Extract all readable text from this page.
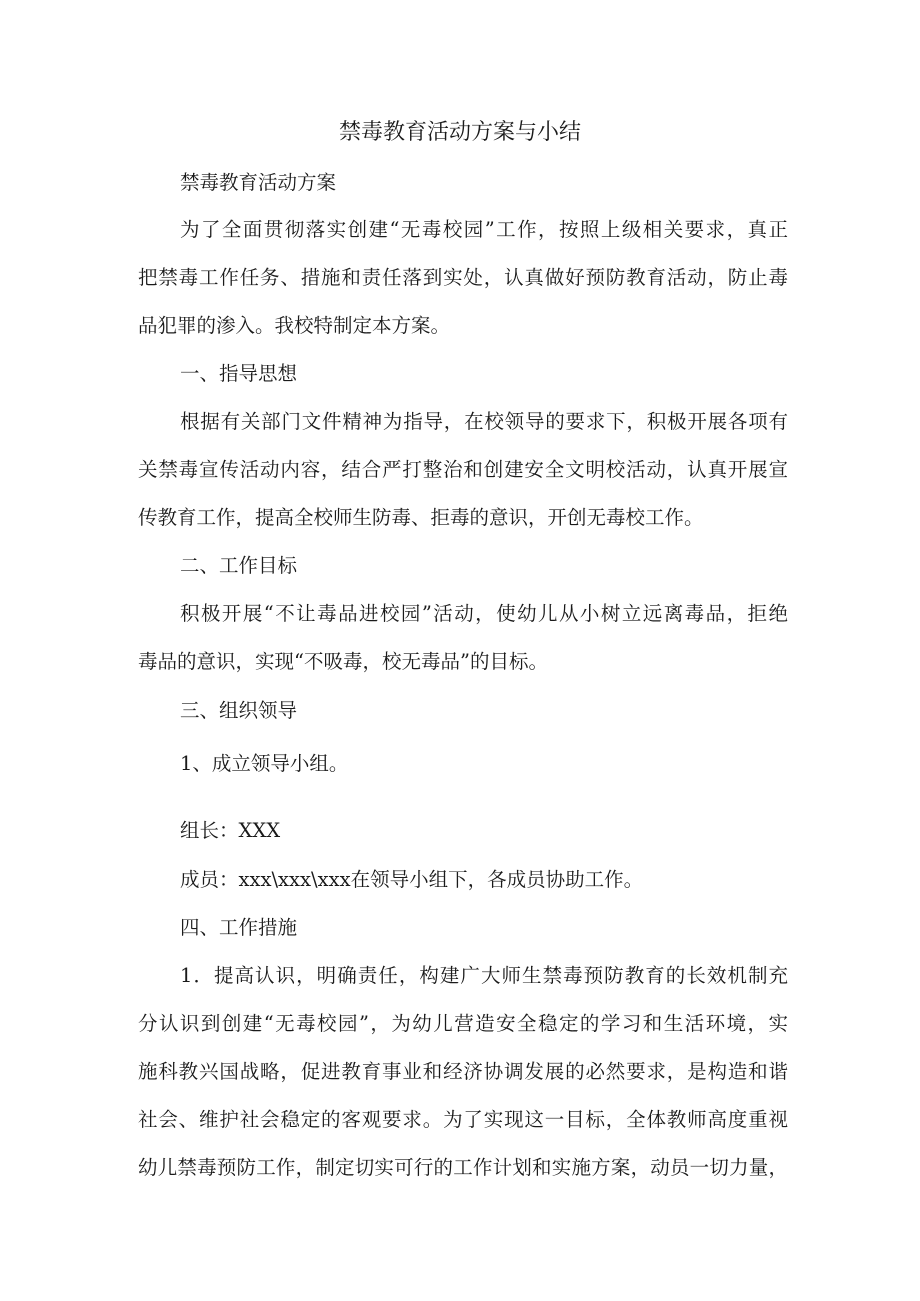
禁毒教育活动方案与小结

禁毒教育活动方案

为了全面贯彻落实创建“无毒校园”工作，按照上级相关要求，真正

把禁毒工作任务、措施和责任落到实处，认真做好预防教育活动，防止毒

品犯罪的渗入。我校特制定本方案。

一、指导思想

根据有关部门文件精神为指导，在校领导的要求下，积极开展各项有

关禁毒宣传活动内容，结合严打整治和创建安全文明校活动，认真开展宣

传教育工作，提高全校师生防毒、拒毒的意识，开创无毒校工作。

二、工作目标

积极开展“不让毒品进校园”活动，使幼儿从小树立远离毒品，拒绝

毒品的意识，实现“不吸毒，校无毒品”的目标。

三、组织领导

1、成立领导小组。

组长：XXX

成员：xxx\xxx\xxx在领导小组下，各成员协助工作。

四、工作措施

1．提高认识，明确责任，构建广大师生禁毒预防教育的长效机制充

分认识到创建“无毒校园”，为幼儿营造安全稳定的学习和生活环境，实

施科教兴国战略，促进教育事业和经济协调发展的必然要求，是构造和谐

社会、维护社会稳定的客观要求。为了实现这一目标，全体教师高度重视

幼儿禁毒预防工作，制定切实可行的工作计划和实施方案，动员一切力量，
